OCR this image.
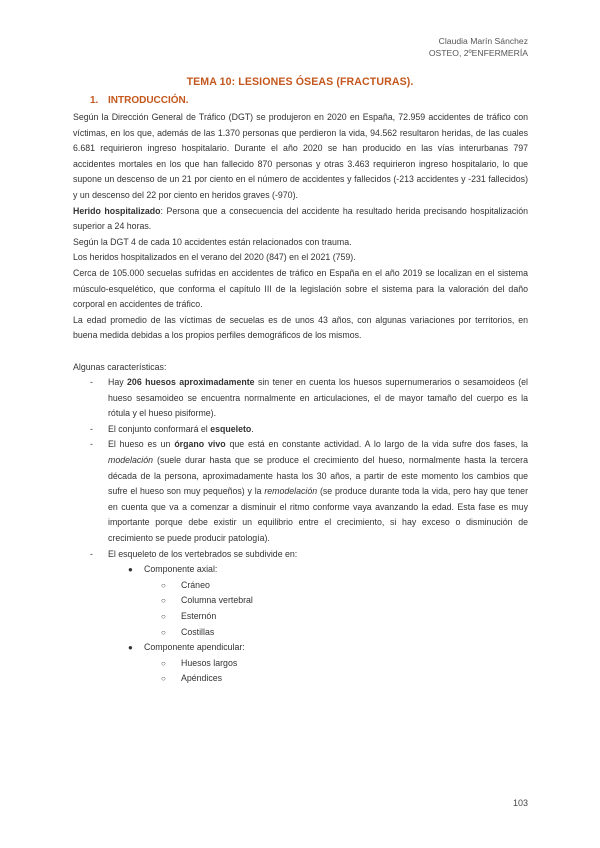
Claudia Marín Sánchez
OSTEO, 2ºENFERMERÍA
TEMA 10: LESIONES ÓSEAS (FRACTURAS).
1. INTRODUCCIÓN.

Según la Dirección General de Tráfico (DGT) se produjeron en 2020 en España, 72.959 accidentes de tráfico con víctimas, en los que, además de las 1.370 personas que perdieron la vida, 94.562 resultaron heridas, de las cuales 6.681 requirieron ingreso hospitalario. Durante el año 2020 se han producido en las vías interurbanas 797 accidentes mortales en los que han fallecido 870 personas y otras 3.463 requirieron ingreso hospitalario, lo que supone un descenso de un 21 por ciento en el número de accidentes y fallecidos (-213 accidentes y -231 fallecidos) y un descenso del 22 por ciento en heridos graves (-970).

Herido hospitalizado: Persona que a consecuencia del accidente ha resultado herida precisando hospitalización superior a 24 horas.

Según la DGT 4 de cada 10 accidentes están relacionados con trauma.

Los heridos hospitalizados en el verano del 2020 (847) en el 2021 (759).

Cerca de 105.000 secuelas sufridas en accidentes de tráfico en España en el año 2019 se localizan en el sistema músculo-esquelético, que conforma el capítulo III de la legislación sobre el sistema para la valoración del daño corporal en accidentes de tráfico.

La edad promedio de las víctimas de secuelas es de unos 43 años, con algunas variaciones por territorios, en buena medida debidas a los propios perfiles demográficos de los mismos.

Algunas características:

- Hay 206 huesos aproximadamente sin tener en cuenta los huesos supernumerarios o sesamoideos (el hueso sesamoideo se encuentra normalmente en articulaciones, el de mayor tamaño del cuerpo es la rótula y el hueso pisiforme).
- El conjunto conformará el esqueleto.
- El hueso es un órgano vivo que está en constante actividad. A lo largo de la vida sufre dos fases, la modelación (suele durar hasta que se produce el crecimiento del hueso, normalmente hasta la tercera década de la persona, aproximadamente hasta los 30 años, a partir de este momento los cambios que sufre el hueso son muy pequeños) y la remodelación (se produce durante toda la vida, pero hay que tener en cuenta que va a comenzar a disminuir el ritmo conforme vaya avanzando la edad. Esta fase es muy importante porque debe existir un equilibrio entre el crecimiento, si hay exceso o disminución de crecimiento se puede producir patología).
- El esqueleto de los vertebrados se subdivide en:
● Componente axial:
○ Cráneo
○ Columna vertebral
○ Esternón
○ Costillas
● Componente apendicular:
○ Huesos largos
○ Apéndices
103
